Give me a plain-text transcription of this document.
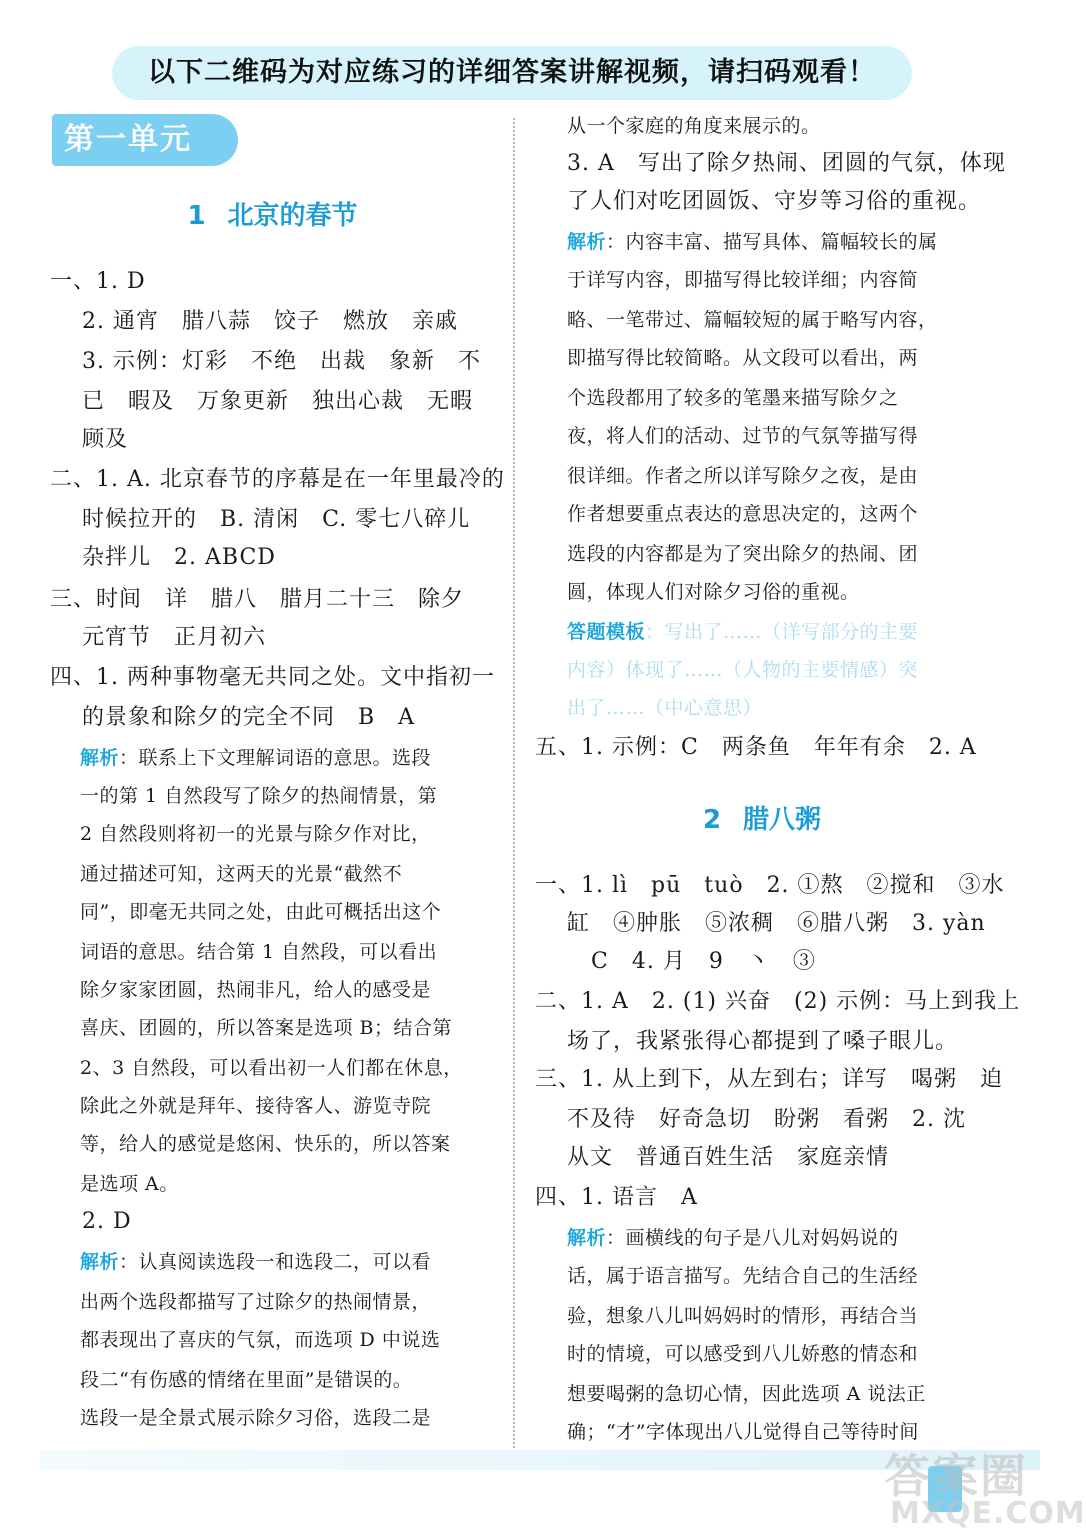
以下二维码为对应练习的详细答案讲解视频，请扫码观看！
第一单元
答案圈
MXQE.COM
1 北京的春节
一、1. D
2. 通宵　腊八蒜　饺子　燃放　亲戚
3. 示例：灯彩　不绝　出裁　象新　不
已　暇及　万象更新　独出心裁　无暇
顾及
二、1. A. 北京春节的序幕是在一年里最冷的
时候拉开的　B. 清闲　C. 零七八碎儿
杂拌儿　2. ABCD
三、时间　详　腊八　腊月二十三　除夕
元宵节　正月初六
四、1. 两种事物毫无共同之处。文中指初一
的景象和除夕的完全不同　B　A
解析：联系上下文理解词语的意思。选段
一的第 1 自然段写了除夕的热闹情景，第
2 自然段则将初一的光景与除夕作对比，
通过描述可知，这两天的光景“截然不
同”，即毫无共同之处，由此可概括出这个
词语的意思。结合第 1 自然段，可以看出
除夕家家团圆，热闹非凡，给人的感受是
喜庆、团圆的，所以答案是选项 B；结合第
2、3 自然段，可以看出初一人们都在休息，
除此之外就是拜年、接待客人、游览寺院
等，给人的感觉是悠闲、快乐的，所以答案
是选项 A。
2. D
解析：认真阅读选段一和选段二，可以看
出两个选段都描写了过除夕的热闹情景，
都表现出了喜庆的气氛，而选项 D 中说选
段二“有伤感的情绪在里面”是错误的。
选段一是全景式展示除夕习俗，选段二是
从一个家庭的角度来展示的。
3. A　写出了除夕热闹、团圆的气氛，体现
了人们对吃团圆饭、守岁等习俗的重视。
解析：内容丰富、描写具体、篇幅较长的属
于详写内容，即描写得比较详细；内容简
略、一笔带过、篇幅较短的属于略写内容，
即描写得比较简略。从文段可以看出，两
个选段都用了较多的笔墨来描写除夕之
夜，将人们的活动、过节的气氛等描写得
很详细。作者之所以详写除夕之夜，是由
作者想要重点表达的意思决定的，这两个
选段的内容都是为了突出除夕的热闹、团
圆，体现人们对除夕习俗的重视。
答题模板：写出了……（详写部分的主要
内容）体现了……（人物的主要情感）突
出了……（中心意思）
五、1. 示例：C　两条鱼　年年有余　2. A
2 腊八粥
一、1. lì　pū　tuò　2. ①熬　②搅和　③水
缸　④肿胀　⑤浓稠　⑥腊八粥　3. yàn
C　4. 月　9　丶　③
二、1. A　2. (1) 兴奋　(2) 示例：马上到我上
场了，我紧张得心都提到了嗓子眼儿。
三、1. 从上到下，从左到右；详写　喝粥　迫
不及待　好奇急切　盼粥　看粥　2. 沈
从文　普通百姓生活　家庭亲情
四、1. 语言　A
解析：画横线的句子是八儿对妈妈说的
话，属于语言描写。先结合自己的生活经
验，想象八儿叫妈妈时的情形，再结合当
时的情境，可以感受到八儿娇憨的情态和
想要喝粥的急切心情，因此选项 A 说法正
确；“才”字体现出八儿觉得自己等待时间
